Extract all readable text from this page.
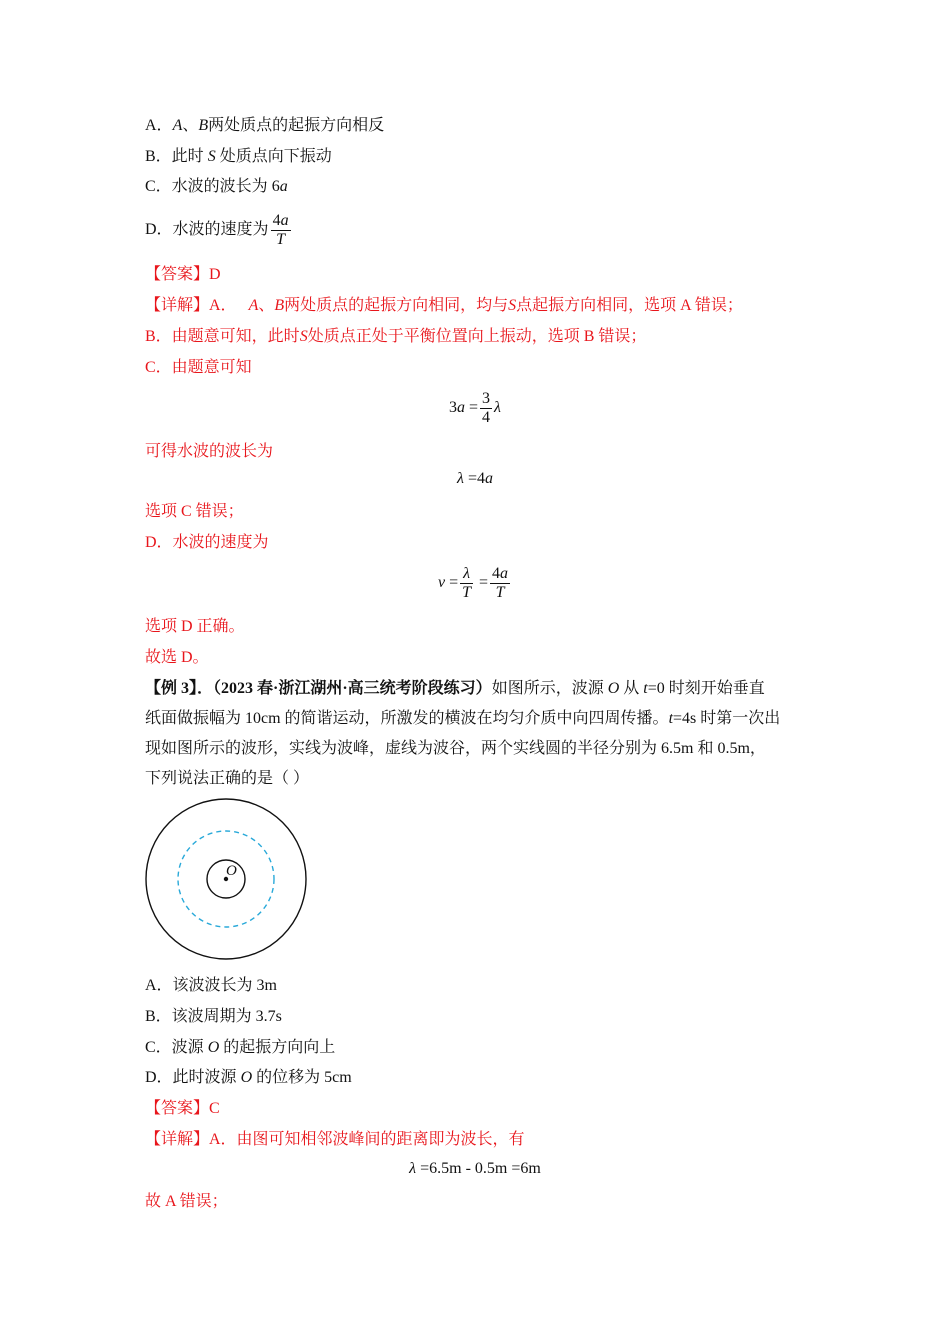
A．A、B两处质点的起振方向相反
B．此时 S 处质点向下振动
C．水波的波长为 6a
D．水波的速度为 $\frac{4a}{T}$
【答案】D
【详解】A． A、B两处质点的起振方向相同，均与S点起振方向相同，选项 A 错误；
B．由题意可知，此时S处质点正处于平衡位置向上振动，选项 B 错误；
C．由题意可知
$3a = \frac{3}{4}$ λ
可得水波的波长为
λ =4a
选项 C 错误；
D．水波的速度为
$v = \frac{\lambda}{T} = \frac{4a}{T}$
选项 D 正确。
故选 D。
【例 3】．（2023 春·浙江湖州·高三统考阶段练习）如图所示，波源 O 从 t=0 时刻开始垂直
纸面做振幅为 10cm 的简谐运动，所激发的横波在均匀介质中向四周传播。t=4s 时第一次出
现如图所示的波形，实线为波峰，虚线为波谷，两个实线圆的半径分别为 6.5m 和 0.5m，
下列说法正确的是（ ）
O
A．该波波长为 3m
B．该波周期为 3.7s
C．波源 O 的起振方向向上
D．此时波源 O 的位移为 5cm
【答案】C
【详解】A．由图可知相邻波峰间的距离即为波长，有
λ =6.5m - 0.5m =6m
故 A 错误；
